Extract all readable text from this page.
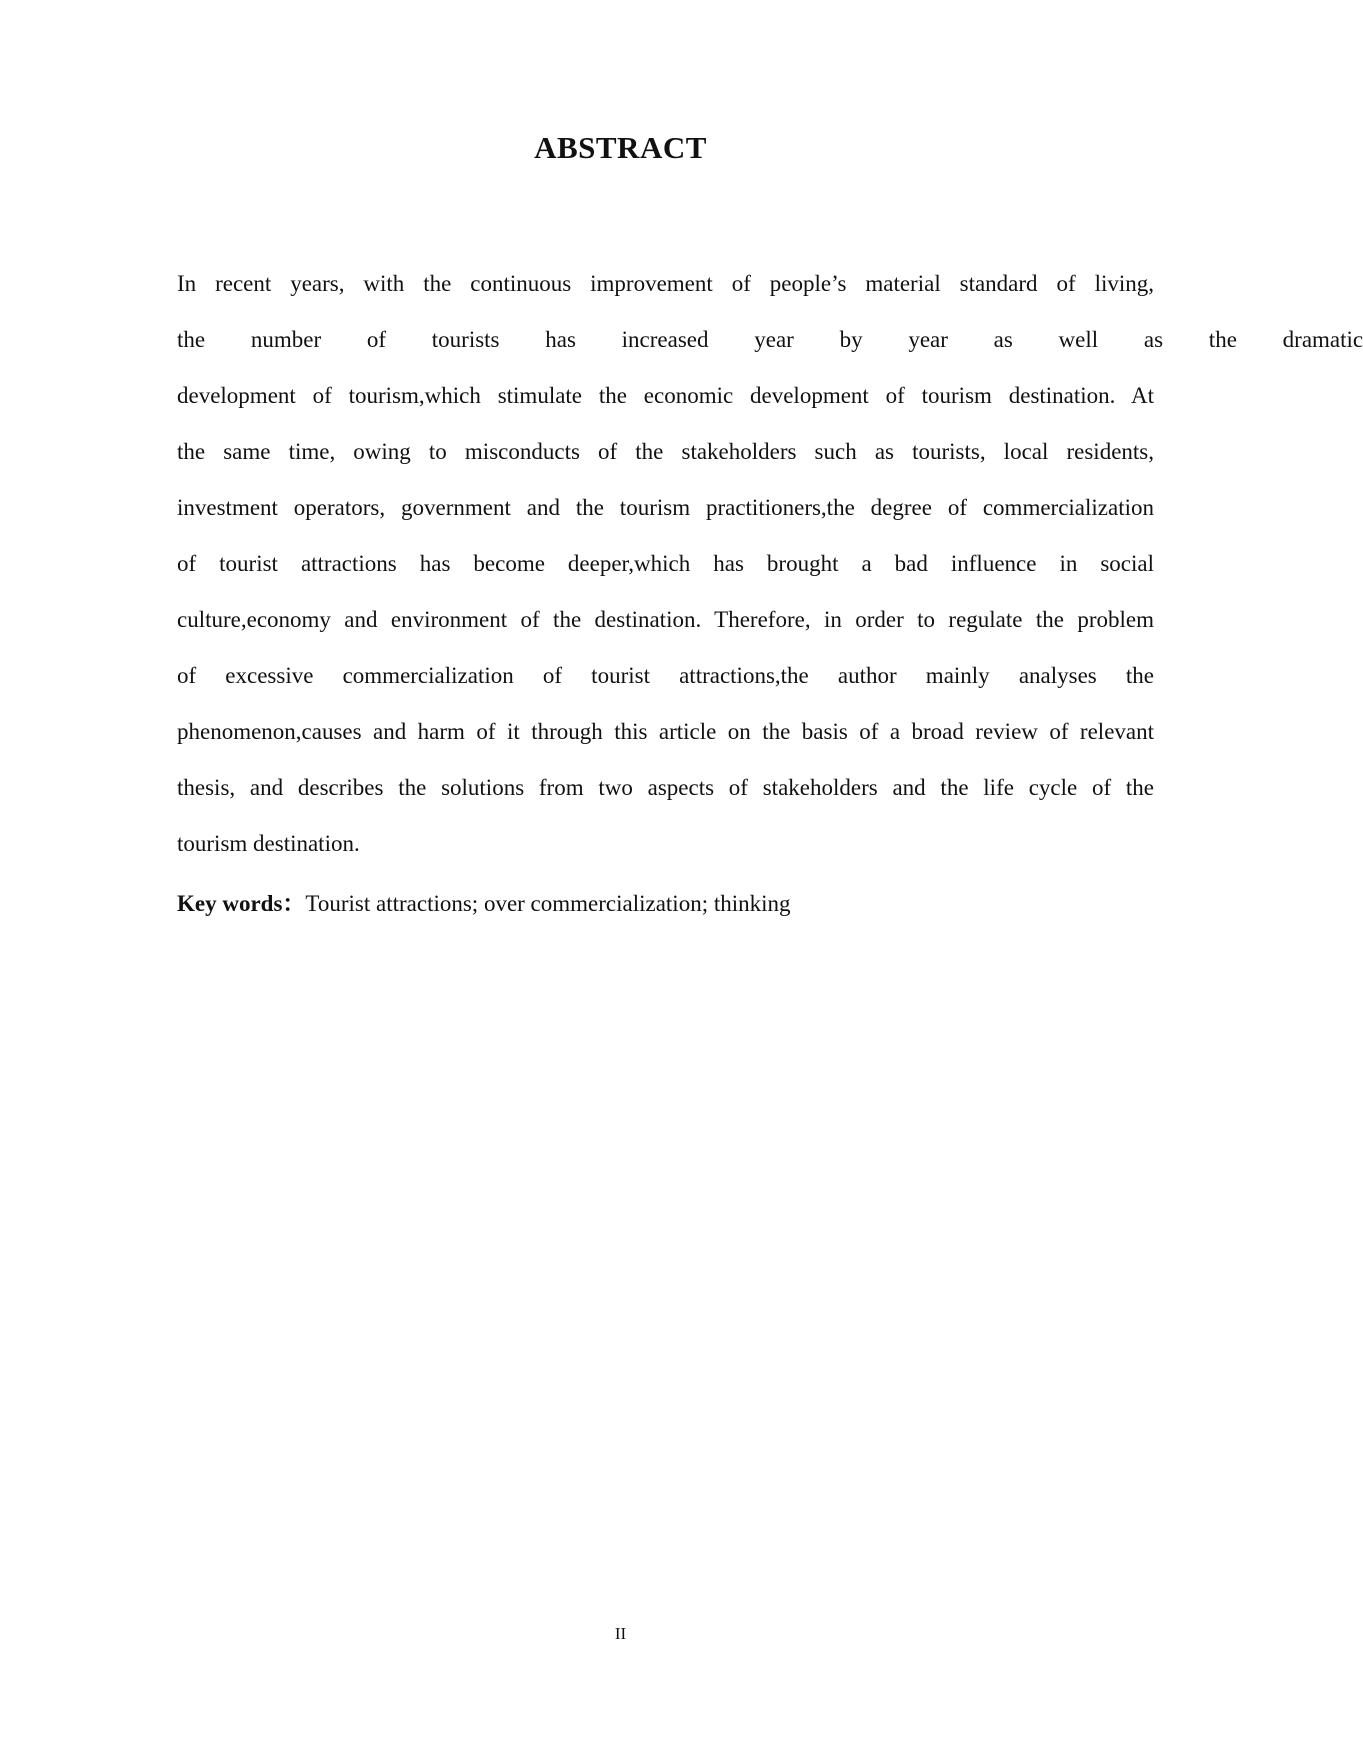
ABSTRACT
In recent years, with the continuous improvement of people’s material standard of living,
the number of tourists has increased year by year as well as the dramatic
development of tourism,which stimulate the economic development of tourism destination. At
the same time, owing to misconducts of the stakeholders such as tourists, local residents,
investment operators, government and the tourism practitioners,the degree of commercialization
of tourist attractions has become deeper,which has brought a bad influence in social
culture,economy and environment of the destination. Therefore, in order to regulate the problem
of excessive commercialization of tourist attractions,the author mainly analyses the
phenomenon,causes and harm of it through this article on the basis of a broad review of relevant
thesis, and describes the solutions from two aspects of stakeholders and the life cycle of the
tourism destination.
Key words：Tourist attractions; over commercialization; thinking
II
